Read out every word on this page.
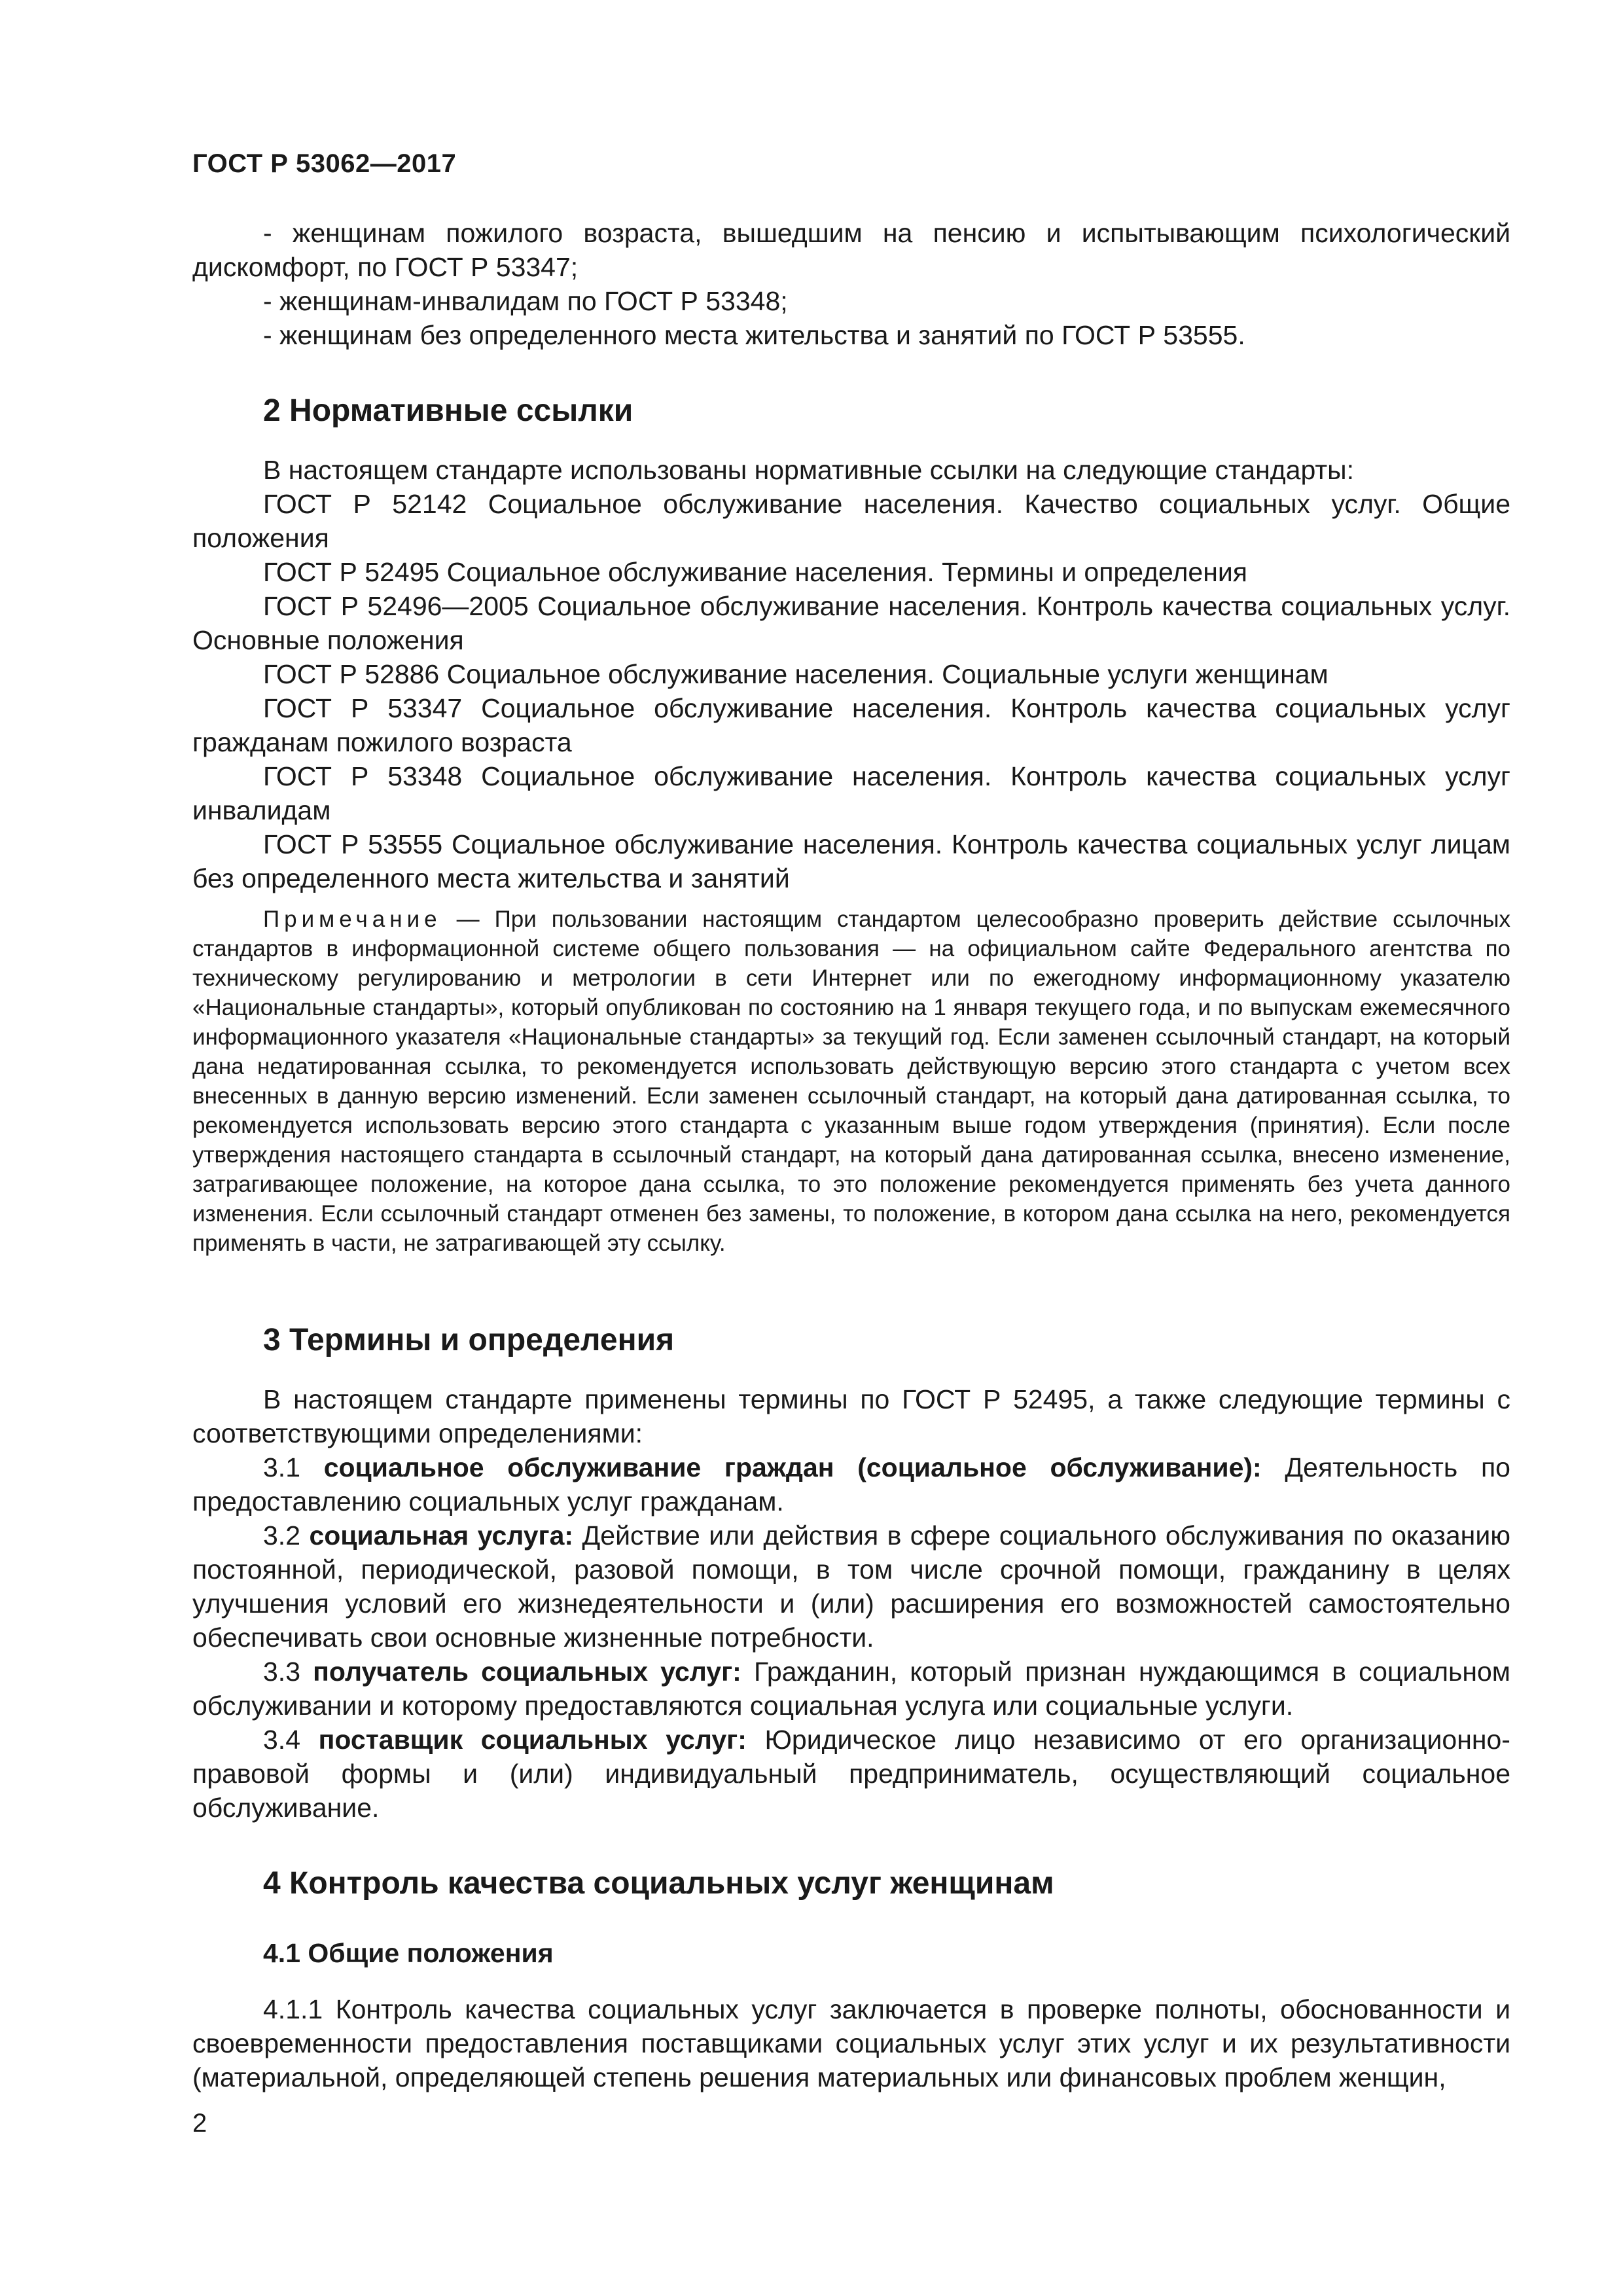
ГОСТ Р 53062—2017

- женщинам пожилого возраста, вышедшим на пенсию и испытывающим психологический дискомфорт, по ГОСТ Р 53347;

- женщинам-инвалидам по ГОСТ Р 53348;

- женщинам без определенного места жительства и занятий по ГОСТ Р 53555.

2 Нормативные ссылки

В настоящем стандарте использованы нормативные ссылки на следующие стандарты:

ГОСТ Р 52142 Социальное обслуживание населения. Качество социальных услуг. Общие положения

ГОСТ Р 52495 Социальное обслуживание населения. Термины и определения

ГОСТ Р 52496—2005 Социальное обслуживание населения. Контроль качества социальных услуг. Основные положения

ГОСТ Р 52886 Социальное обслуживание населения. Социальные услуги женщинам

ГОСТ Р 53347 Социальное обслуживание населения. Контроль качества социальных услуг гражданам пожилого возраста

ГОСТ Р 53348 Социальное обслуживание населения. Контроль качества социальных услуг инвалидам

ГОСТ Р 53555 Социальное обслуживание населения. Контроль качества социальных услуг лицам без определенного места жительства и занятий

Примечание — При пользовании настоящим стандартом целесообразно проверить действие ссылочных стандартов в информационной системе общего пользования — на официальном сайте Федерального агентства по техническому регулированию и метрологии в сети Интернет или по ежегодному информационному указателю «Национальные стандарты», который опубликован по состоянию на 1 января текущего года, и по выпускам ежемесячного информационного указателя «Национальные стандарты» за текущий год. Если заменен ссылочный стандарт, на который дана недатированная ссылка, то рекомендуется использовать действующую версию этого стандарта с учетом всех внесенных в данную версию изменений. Если заменен ссылочный стандарт, на который дана датированная ссылка, то рекомендуется использовать версию этого стандарта с указанным выше годом утверждения (принятия). Если после утверждения настоящего стандарта в ссылочный стандарт, на который дана датированная ссылка, внесено изменение, затрагивающее положение, на которое дана ссылка, то это положение рекомендуется применять без учета данного изменения. Если ссылочный стандарт отменен без замены, то положение, в котором дана ссылка на него, рекомендуется применять в части, не затрагивающей эту ссылку.

3 Термины и определения

В настоящем стандарте применены термины по ГОСТ Р 52495, а также следующие термины с соответствующими определениями:

3.1 социальное обслуживание граждан (социальное обслуживание): Деятельность по предоставлению социальных услуг гражданам.

3.2 социальная услуга: Действие или действия в сфере социального обслуживания по оказанию постоянной, периодической, разовой помощи, в том числе срочной помощи, гражданину в целях улучшения условий его жизнедеятельности и (или) расширения его возможностей самостоятельно обеспечивать свои основные жизненные потребности.

3.3 получатель социальных услуг: Гражданин, который признан нуждающимся в социальном обслуживании и которому предоставляются социальная услуга или социальные услуги.

3.4 поставщик социальных услуг: Юридическое лицо независимо от его организационно-правовой формы и (или) индивидуальный предприниматель, осуществляющий социальное обслуживание.

4 Контроль качества социальных услуг женщинам
4.1 Общие положения

4.1.1 Контроль качества социальных услуг заключается в проверке полноты, обоснованности и своевременности предоставления поставщиками социальных услуг этих услуг и их результативности (материальной, определяющей степень решения материальных или финансовых проблем женщин,

2
